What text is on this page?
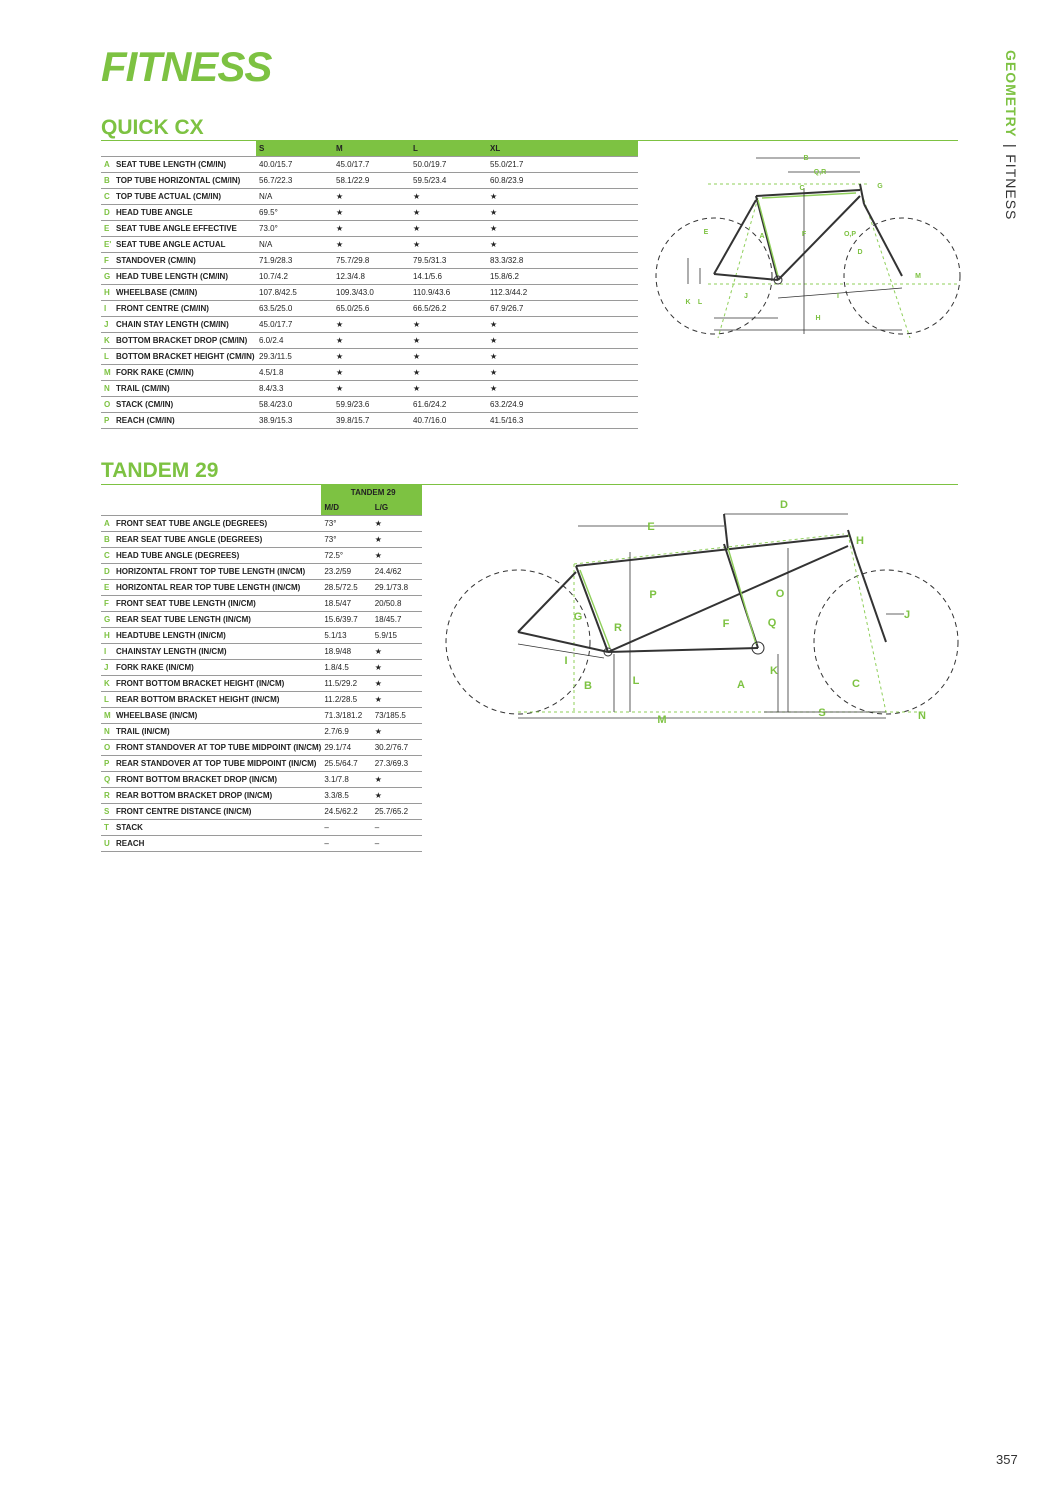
FITNESS	GEOMETRY|FITNESS
QUICK CX
	S	M	L	XL
A SEAT TUBE LENGTH (CM/IN)	40.0/15.7	45.0/17.7	50.0/19.7	55.0/21.7
B TOP TUBE HORIZONTAL (CM/IN)	56.7/22.3	58.1/22.9	59.5/23.4	60.8/23.9
C TOP TUBE ACTUAL (CM/IN)	N/A	★	★	★
D HEAD TUBE ANGLE	69.5°	★	★	★
E SEAT TUBE ANGLE EFFECTIVE	73.0°	★	★	★
E' SEAT TUBE ANGLE ACTUAL	N/A	★	★	★
F STANDOVER (CM/IN)	71.9/28.3	75.7/29.8	79.5/31.3	83.3/32.8
G HEAD TUBE LENGTH (CM/IN)	10.7/4.2	12.3/4.8	14.1/5.6	15.8/6.2
H WHEELBASE (CM/IN)	107.8/42.5	109.3/43.0	110.9/43.6	112.3/44.2
I FRONT CENTRE (CM/IN)	63.5/25.0	65.0/25.6	66.5/26.2	67.9/26.7
J CHAIN STAY LENGTH (CM/IN)	45.0/17.7	★	★	★
K BOTTOM BRACKET DROP (CM/IN)	6.0/2.4	★	★	★
L BOTTOM BRACKET HEIGHT (CM/IN)	29.3/11.5	★	★	★
M FORK RAKE (CM/IN)	4.5/1.8	★	★	★
N TRAIL (CM/IN)	8.4/3.3	★	★	★
O STACK (CM/IN)	58.4/23.0	59.9/23.6	61.6/24.2	63.2/24.9
P REACH (CM/IN)	38.9/15.3	39.8/15.7	40.7/16.0	41.5/16.3
B
Q,R
C	G
E
A	F	O,P
D
M
K L
J	I
H
TANDEM 29
	TANDEM 29	
	M/D	L/G
A FRONT SEAT TUBE ANGLE (DEGREES)	73°	★
B REAR SEAT TUBE ANGLE (DEGREES)	73°	★
C HEAD TUBE ANGLE (DEGREES)	72.5°	★
D HORIZONTAL FRONT TOP TUBE LENGTH (IN/CM)	23.2/59	24.4/62
E HORIZONTAL REAR TOP TUBE LENGTH (IN/CM)	28.5/72.5	29.1/73.8
F FRONT SEAT TUBE LENGTH (IN/CM)	18.5/47	20/50.8
G REAR SEAT TUBE LENGTH (IN/CM)	15.6/39.7	18/45.7
H HEADTUBE LENGTH (IN/CM)	5.1/13	5.9/15
I CHAINSTAY LENGTH (IN/CM)	18.9/48	★
J FORK RAKE (IN/CM)	1.8/4.5	★
K FRONT BOTTOM BRACKET HEIGHT (IN/CM)	11.5/29.2	★
L REAR BOTTOM BRACKET HEIGHT (IN/CM)	11.2/28.5	★
M WHEELBASE (IN/CM)	71.3/181.2	73/185.5
N TRAIL (IN/CM)	2.7/6.9	★
O FRONT STANDOVER AT TOP TUBE MIDPOINT (IN/CM)	29.1/74	30.2/76.7
P REAR STANDOVER AT TOP TUBE MIDPOINT (IN/CM)	25.5/64.7	27.3/69.3
Q FRONT BOTTOM BRACKET DROP (IN/CM)	3.1/7.8	★
R REAR BOTTOM BRACKET DROP (IN/CM)	3.3/8.5	★
S FRONT CENTRE DISTANCE (IN/CM)	24.5/62.2	25.7/65.2
T STACK	–	–
U REACH	–	–
D
E
H
P	O
G
R	F	Q
J
I
K
B	L	A	C
M
S	N
357
